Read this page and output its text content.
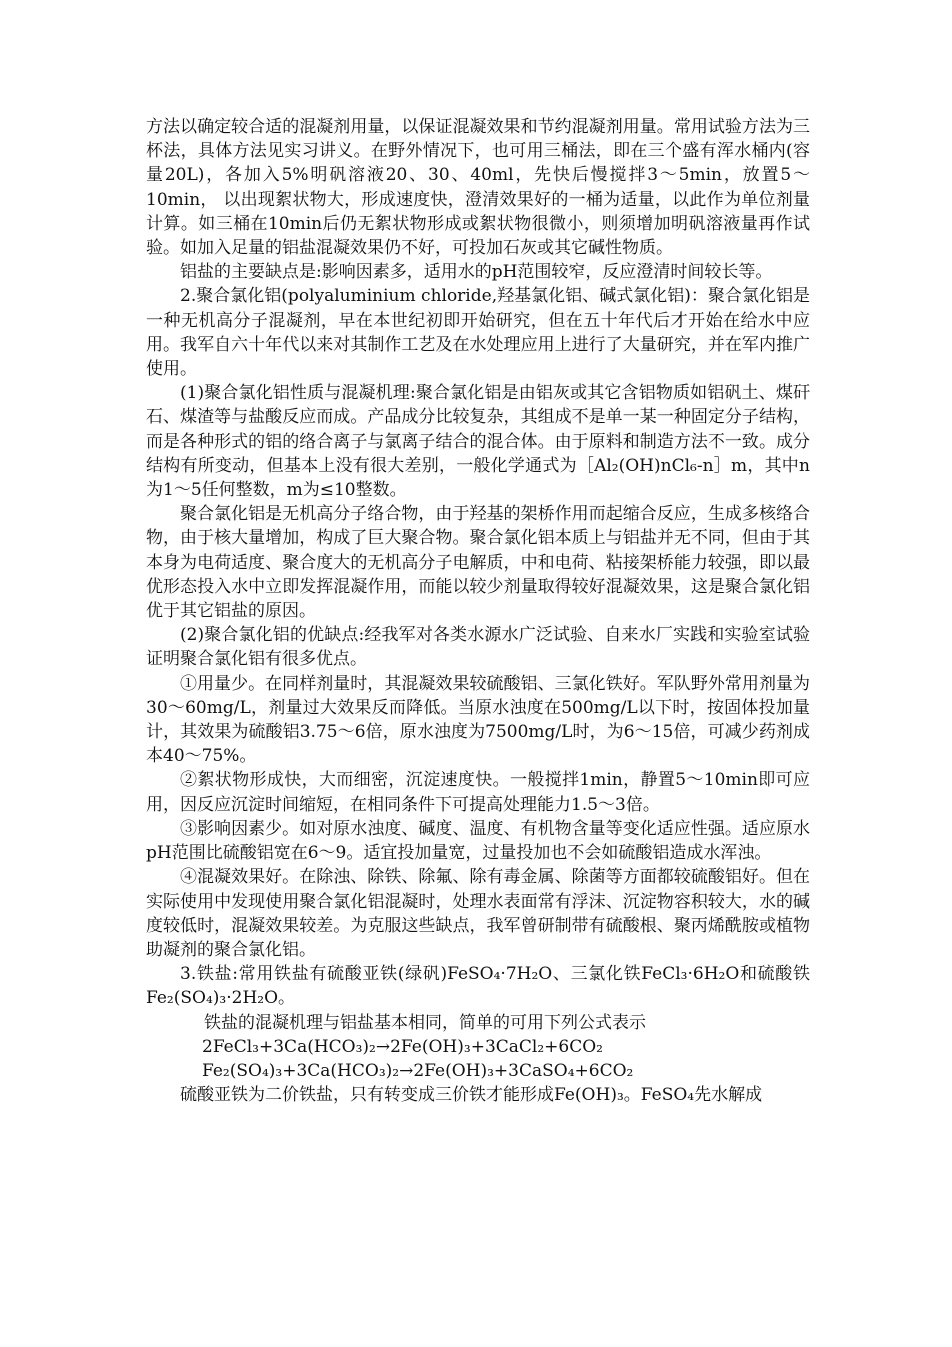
方法以确定较合适的混凝剂用量，以保证混凝效果和节约混凝剂用量。常用试验方法为三杯法，具体方法见实习讲义。在野外情况下，也可用三桶法，即在三个盛有浑水桶内(容量20L)，各加入5%明矾溶液20、30、40ml，先快后慢搅拌3～5min，放置5～10min， 以出现絮状物大，形成速度快，澄清效果好的一桶为适量，以此作为单位剂量计算。如三桶在10min后仍无絮状物形成或絮状物很微小，则须增加明矾溶液量再作试验。如加入足量的铝盐混凝效果仍不好，可投加石灰或其它碱性物质。

铝盐的主要缺点是:影响因素多，适用水的pH范围较窄，反应澄清时间较长等。

2.聚合氯化铝(polyaluminium chloride,羟基氯化铝、碱式氯化铝)：聚合氯化铝是一种无机高分子混凝剂，早在本世纪初即开始研究，但在五十年代后才开始在给水中应用。我军自六十年代以来对其制作工艺及在水处理应用上进行了大量研究，并在军内推广使用。

(1)聚合氯化铝性质与混凝机理:聚合氯化铝是由铝灰或其它含铝物质如铝矾土、煤矸石、煤渣等与盐酸反应而成。产品成分比较复杂，其组成不是单一某一种固定分子结构，而是各种形式的铝的络合离子与氯离子结合的混合体。由于原料和制造方法不一致。成分结构有所变动，但基本上没有很大差别，一般化学通式为［Al₂(OH)nCl₆-n］m，其中n为1～5任何整数，m为≤10整数。

聚合氯化铝是无机高分子络合物，由于羟基的架桥作用而起缩合反应，生成多核络合物，由于核大量增加，构成了巨大聚合物。聚合氯化铝本质上与铝盐并无不同，但由于其本身为电荷适度、聚合度大的无机高分子电解质，中和电荷、粘接架桥能力较强，即以最优形态投入水中立即发挥混凝作用，而能以较少剂量取得较好混凝效果，这是聚合氯化铝优于其它铝盐的原因。

(2)聚合氯化铝的优缺点:经我军对各类水源水广泛试验、自来水厂实践和实验室试验证明聚合氯化铝有很多优点。

①用量少。在同样剂量时，其混凝效果较硫酸铝、三氯化铁好。军队野外常用剂量为30～60mg/L，剂量过大效果反而降低。当原水浊度在500mg/L以下时，按固体投加量计，其效果为硫酸铝3.75～6倍，原水浊度为7500mg/L时，为6～15倍，可减少药剂成本40～75%。

②絮状物形成快，大而细密，沉淀速度快。一般搅拌1min，静置5～10min即可应用，因反应沉淀时间缩短，在相同条件下可提高处理能力1.5～3倍。

③影响因素少。如对原水浊度、碱度、温度、有机物含量等变化适应性强。适应原水pH范围比硫酸铝宽在6～9。适宜投加量宽，过量投加也不会如硫酸铝造成水浑浊。

④混凝效果好。在除浊、除铁、除氟、除有毒金属、除菌等方面都较硫酸铝好。但在实际使用中发现使用聚合氯化铝混凝时，处理水表面常有浮沫、沉淀物容积较大，水的碱度较低时，混凝效果较差。为克服这些缺点，我军曾研制带有硫酸根、聚丙烯酰胺或植物助凝剂的聚合氯化铝。

3.铁盐:常用铁盐有硫酸亚铁(绿矾)FeSO₄·7H₂O、三氯化铁FeCl₃·6H₂O和硫酸铁Fe₂(SO₄)₃·2H₂O。

铁盐的混凝机理与铝盐基本相同，简单的可用下列公式表示

2FeCl₃+3Ca(HCO₃)₂→2Fe(OH)₃+3CaCl₂+6CO₂

Fe₂(SO₄)₃+3Ca(HCO₃)₂→2Fe(OH)₃+3CaSO₄+6CO₂

硫酸亚铁为二价铁盐，只有转变成三价铁才能形成Fe(OH)₃。FeSO₄先水解成
